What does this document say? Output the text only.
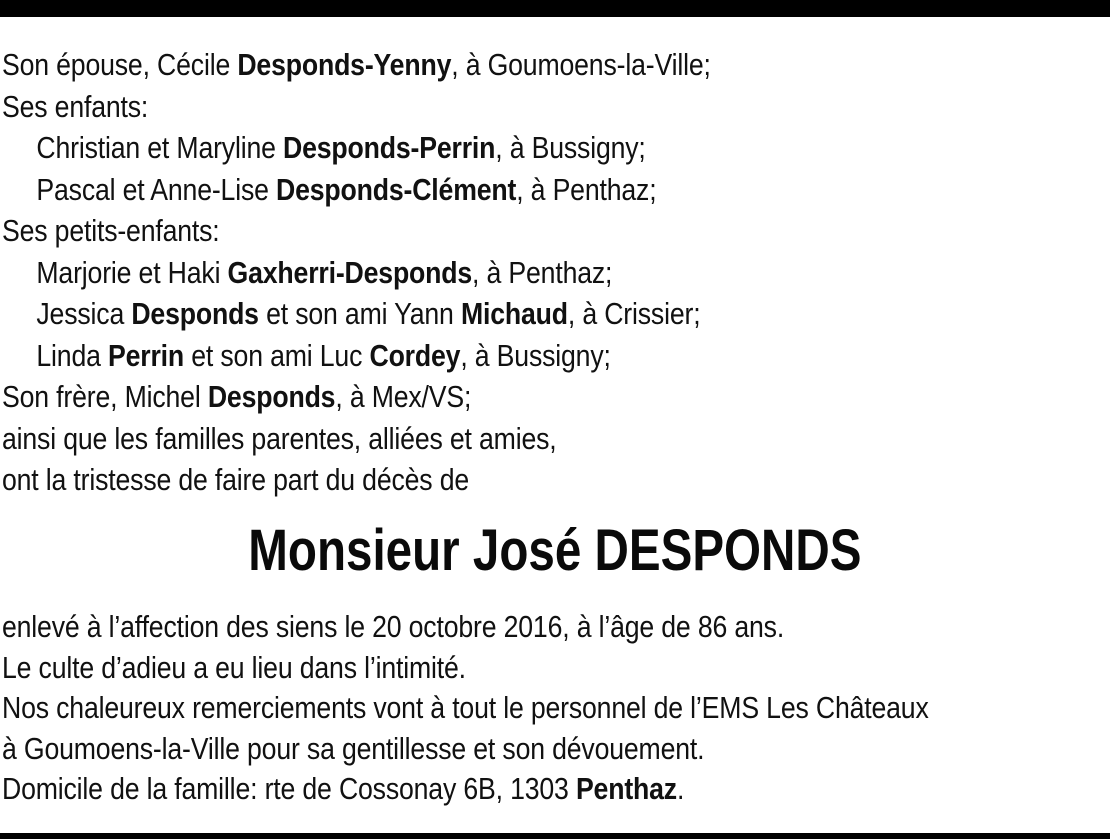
Son épouse, Cécile Desponds-Yenny, à Goumoens-la-Ville;
Ses enfants:
Christian et Maryline Desponds-Perrin, à Bussigny;
Pascal et Anne-Lise Desponds-Clément, à Penthaz;
Ses petits-enfants:
Marjorie et Haki Gaxherri-Desponds, à Penthaz;
Jessica Desponds et son ami Yann Michaud, à Crissier;
Linda Perrin et son ami Luc Cordey, à Bussigny;
Son frère, Michel Desponds, à Mex/VS;
ainsi que les familles parentes, alliées et amies,
ont la tristesse de faire part du décès de
Monsieur José DESPONDS
enlevé à l’affection des siens le 20 octobre 2016, à l’âge de 86 ans.
Le culte d’adieu a eu lieu dans l’intimité.
Nos chaleureux remerciements vont à tout le personnel de l’EMS Les Châteaux
à Goumoens-la-Ville pour sa gentillesse et son dévouement.
Domicile de la famille: rte de Cossonay 6B, 1303 Penthaz.
